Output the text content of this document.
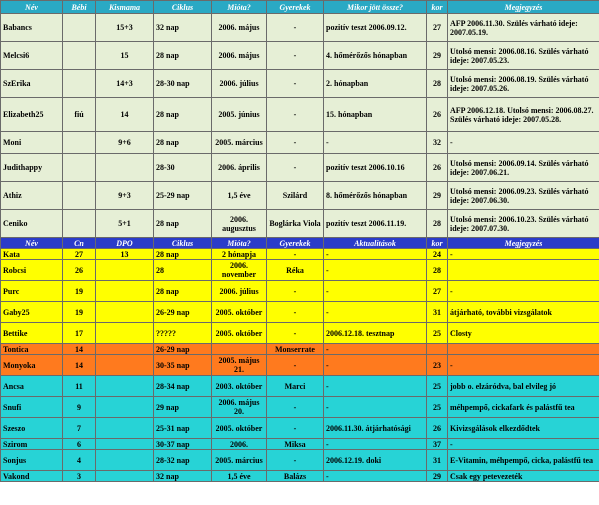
Név	Bébi	Kismama	Ciklus	Mióta?	Gyerekek	Mikor jött össze?	kor	Megjegyzés
Babancs		15+3	32 nap	2006. május	-	pozitív teszt 2006.09.12.	27	AFP 2006.11.30. Szülés várható ideje: 2007.05.19.
Melcsi6		15	28 nap	2006. május	-	4. hőmérőzős hónapban	29	Utolsó mensi: 2006.08.16. Szülés várható ideje: 2007.05.23.
SzErika		14+3	28-30 nap	2006. július	-	2. hónapban	28	Utolsó mensi: 2006.08.19. Szülés várható ideje: 2007.05.26.
Elizabeth25	fiú	14	28 nap	2005. június	-	15. hónapban	26	AFP 2006.12.18. Utolsó mensi: 2006.08.27. Szülés várható ideje: 2007.05.28.
Moni		9+6	28 nap	2005. március	-	-	32	-
Judithappy			28-30	2006. április	-	pozitív teszt 2006.10.16	26	Utolsó mensi: 2006.09.14. Szülés várható ideje: 2007.06.21.
Athiz		9+3	25-29 nap	1,5 éve	Szilárd	8. hőmérőzős hónapban	29	Utolsó mensi: 2006.09.23. Szülés várható ideje: 2007.06.30.
Ceniko		5+1	28 nap	2006. augusztus	Boglárka Viola	pozitív teszt 2006.11.19.	28	Utolsó mensi: 2006.10.23. Szülés várható ideje: 2007.07.30.
Név	Cn	DPO	Ciklus	Mióta?	Gyerekek	Aktualitások	kor	Megjegyzés
Kata	27	13	28 nap	2 hónapja	-	-	24	-
Robcsi	26		28	2006. november	Réka	-	28	
Purc	19		28 nap	2006. július	-	-	27	-
Gaby25	19		26-29 nap	2005. október	-	-	31	átjárható, további vizsgálatok
Bettike	17		?????	2005. október	-	2006.12.18. tesztnap	25	Closty
Tontica	14		26-29 nap		Monserrate	-		
Monyoka	14		30-35 nap	2005. május 21.	-	-	23	-
Ancsa	11		28-34 nap	2003. október	Marci	-	25	jobb o. elzáródva, bal elvileg jó
Snufi	9		29 nap	2006. május 20.	-	-	25	méhpempő, cickafark és palástfű tea
Szeszo	7		25-31 nap	2005. október	-	2006.11.30. átjárhatósági	26	Kivizsgálások elkezdődtek
Szirom	6		30-37 nap	2006.	Miksa	-	37	-
Sonjus	4		28-32 nap	2005. március	-	2006.12.19. doki	31	E-Vitamin, méhpempő, cicka, palástfű tea
Vakond	3		32 nap	1,5 éve	Balázs	-	29	Csak egy petevezeték
